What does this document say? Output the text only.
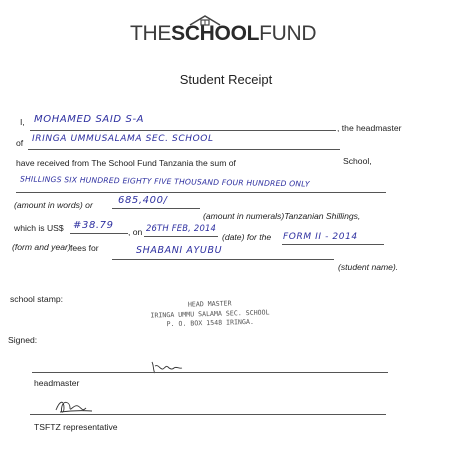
THESCHOOLFUND
Student Receipt
I, MOHAMED SAID S-A
, the headmaster
of IRINGA UMMUSALAMA SEC. SCHOOL
School,
have received from The School Fund Tanzania the sum of
SHILLINGS SIX HUNDRED EIGHTY FIVE THOUSAND FOUR HUNDRED ONLY
(amount in words) or	685,400/
(amount in numerals)Tanzanian Shillings,
which is US$ #38.79
, on 26TH FEB, 2014
(date) for the FORM II - 2014
(form and year) fees for	SHABANI AYUBU
(student name).
school stamp:
HEAD MASTER
IRINGA UMMU SALAMA SEC. SCHOOL
P. O. BOX 1548 IRINGA.
Signed:
headmaster
TSFTZ representative
